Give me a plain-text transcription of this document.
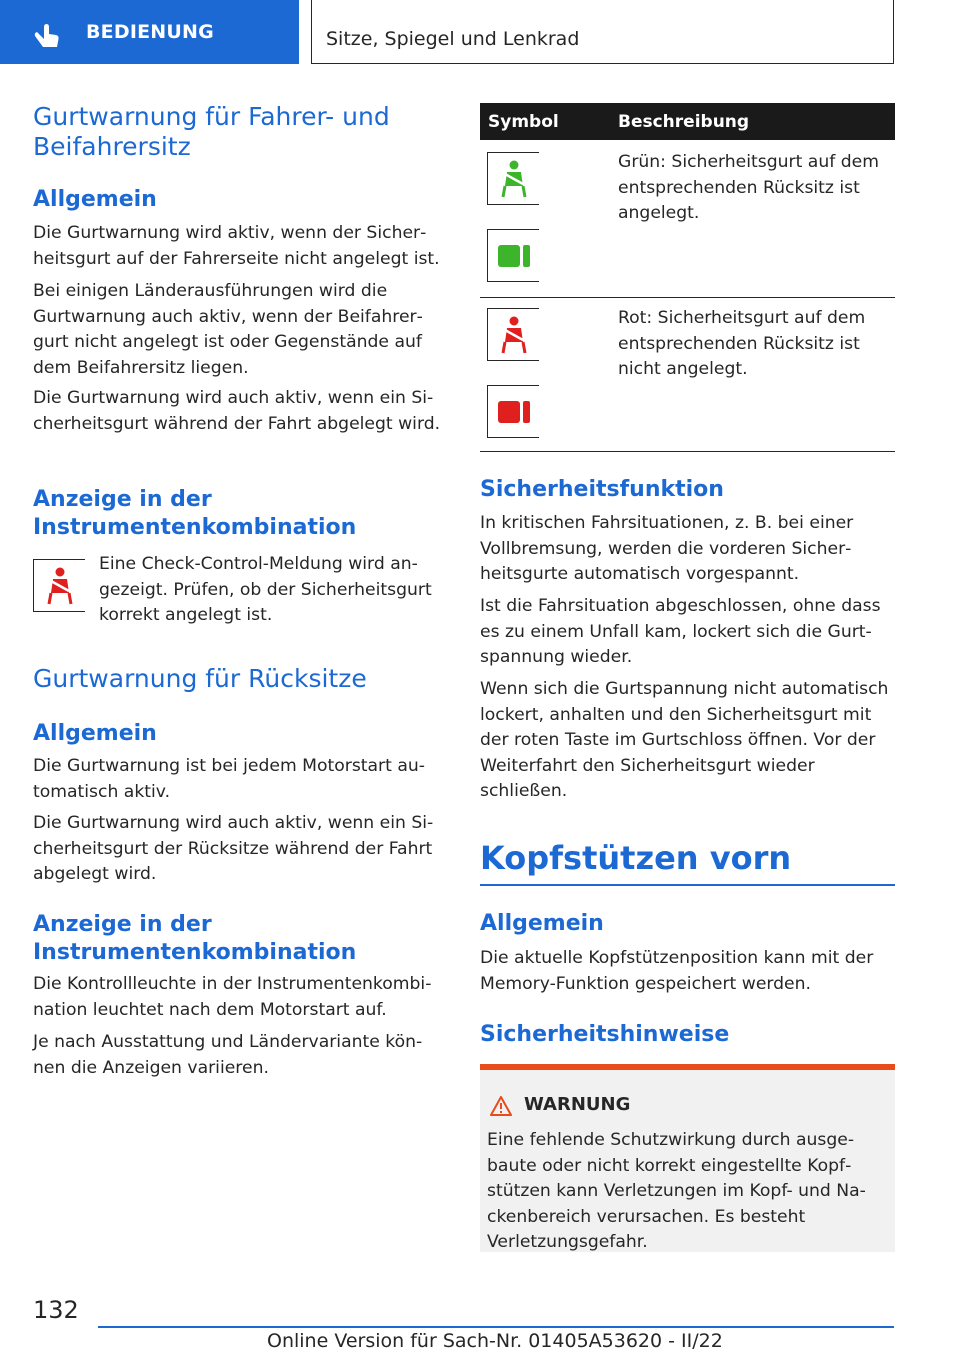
BEDIENUNG	Sitze, Spiegel und Lenkrad
Gurtwarnung für Fahrer- und Beifahrersitz
Allgemein

Die Gurtwarnung wird aktiv, wenn der Sicherheitsgurt auf der Fahrerseite nicht angelegt ist.

Bei einigen Länderausführungen wird die Gurtwarnung auch aktiv, wenn der Beifahrergurt nicht angelegt ist oder Gegenstände auf dem Beifahrersitz liegen.

Die Gurtwarnung wird auch aktiv, wenn ein Sicherheitsgurt während der Fahrt abgelegt wird.

Anzeige in der Instrumentenkombination

Eine Check-Control-Meldung wird angezeigt. Prüfen, ob der Sicherheitsgurt korrekt angelegt ist.

Gurtwarnung für Rücksitze
Allgemein

Die Gurtwarnung ist bei jedem Motorstart automatisch aktiv.

Die Gurtwarnung wird auch aktiv, wenn ein Sicherheitsgurt der Rücksitze während der Fahrt abgelegt wird.

Anzeige in der Instrumentenkombination

Die Kontrollleuchte in der Instrumentenkombination leuchtet nach dem Motorstart auf.

Je nach Ausstattung und Ländervariante können die Anzeigen variieren.

Symbol	Beschreibung

Grün: Sicherheitsgurt auf dem entsprechenden Rücksitz ist angelegt.

Rot: Sicherheitsgurt auf dem entsprechenden Rücksitz ist nicht angelegt.

Sicherheitsfunktion

In kritischen Fahrsituationen, z. B. bei einer Vollbremsung, werden die vorderen Sicherheitsgurte automatisch vorgespannt.

Ist die Fahrsituation abgeschlossen, ohne dass es zu einem Unfall kam, lockert sich die Gurtspannung wieder.

Wenn sich die Gurtspannung nicht automatisch lockert, anhalten und den Sicherheitsgurt mit der roten Taste im Gurtschloss öffnen. Vor der Weiterfahrt den Sicherheitsgurt wieder schließen.

Kopfstützen vorn
Allgemein

Die aktuelle Kopfstützenposition kann mit der Memory-Funktion gespeichert werden.

Sicherheitshinweise
WARNUNG

Eine fehlende Schutzwirkung durch ausgebaute oder nicht korrekt eingestellte Kopfstützen kann Verletzungen im Kopf- und Nackenbereich verursachen. Es besteht Verletzungsgefahr.

132
Online Version für Sach-Nr. 01405A53620 - II/22
